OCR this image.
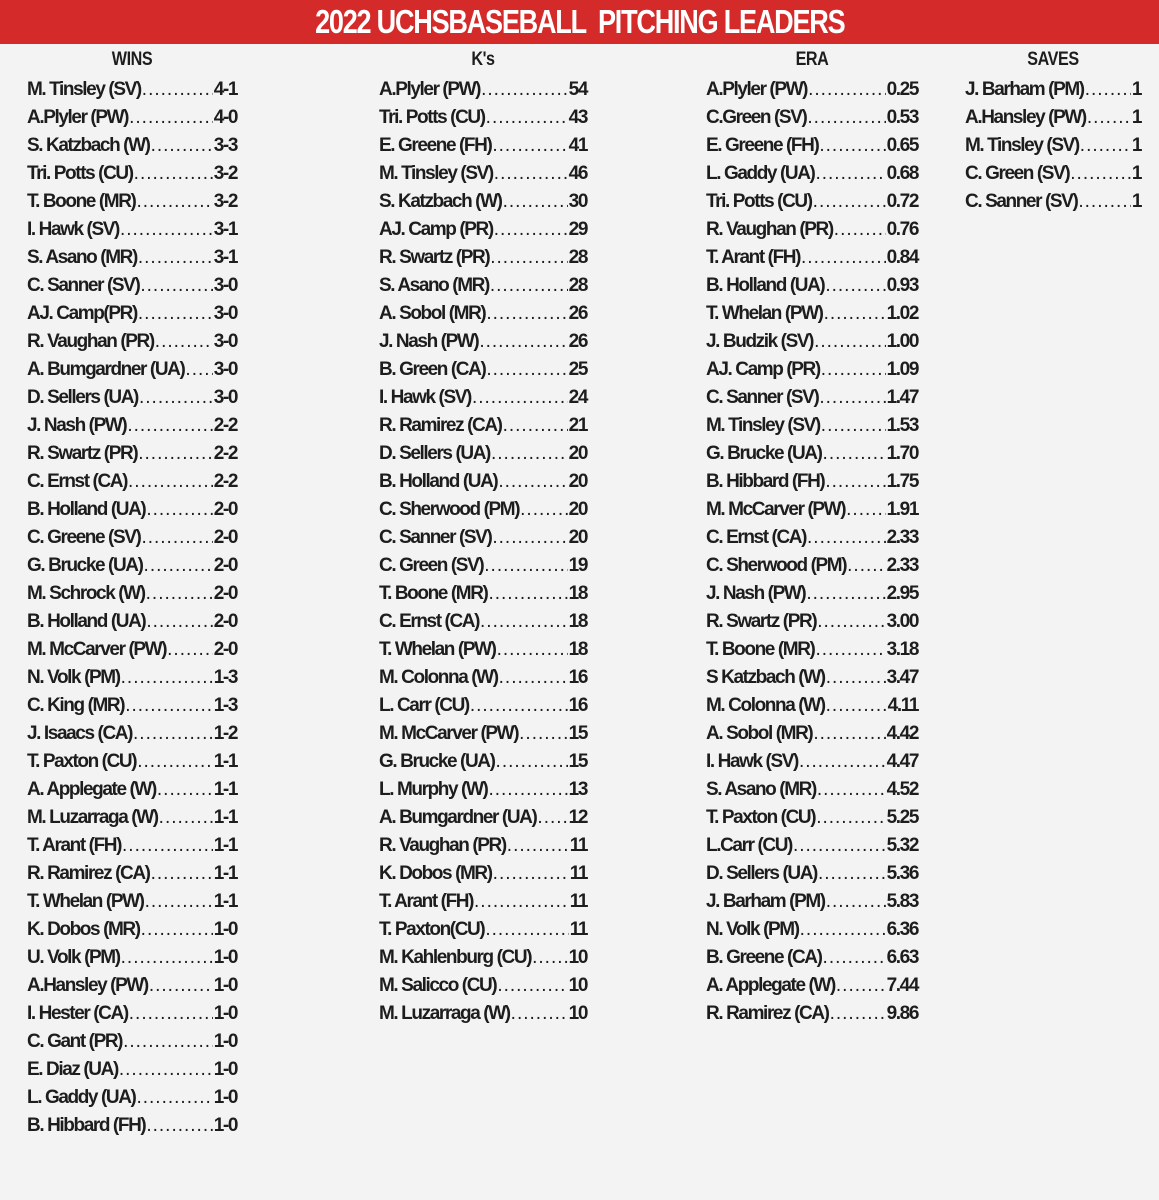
2022 UCHSBASEBALL  PITCHING LEADERS
WINS
M. Tinsley (SV) .....	4-1
A.Plyler (PW) .....	4-0
S. Katzbach (W) .....	3-3
Tri. Potts (CU) .....	3-2
T. Boone (MR) .....	3-2
I. Hawk (SV) .....	3-1
S. Asano (MR) .....	3-1
C. Sanner (SV) .....	3-0
AJ. Camp(PR) .....	3-0
R. Vaughan (PR) .....	3-0
A. Bumgardner (UA) ..... 3-0
D. Sellers (UA) .....	3-0
J. Nash (PW) .....	2-2
R. Swartz (PR) .....	2-2
C. Ernst (CA) .....	2-2
B. Holland (UA) .....	2-0
C. Greene (SV) .....	2-0
G. Brucke (UA) .....	2-0
M. Schrock (W) .....	2-0
B. Holland (UA) .....	2-0
M. McCarver (PW) .....	2-0
N. Volk (PM) .....	1-3
C. King (MR) .....	1-3
J. Isaacs (CA) .....	1-2
T. Paxton (CU) .....	1-1
A. Applegate (W) .....	1-1
M. Luzarraga (W) .....	1-1
T. Arant (FH) .....	1-1
R. Ramirez (CA) .....	1-1
T. Whelan (PW) .....	1-1
K. Dobos (MR) .....	1-0
U. Volk (PM) .....	1-0
A.Hansley (PW) .....	1-0
I. Hester (CA) .....	1-0
C. Gant (PR) .....	1-0
E. Diaz (UA) .....	1-0
L. Gaddy (UA) .....	1-0
B. Hibbard (FH) .....	1-0
K's
A.Plyler (PW) .....	54
Tri. Potts (CU) .....	43
E. Greene (FH) .....	41
M. Tinsley (SV) .....	46
S. Katzbach (W) .....	30
AJ. Camp (PR) .....	29
R. Swartz (PR) .....	28
S. Asano (MR) .....	28
A. Sobol (MR) .....	26
J. Nash (PW) .....	26
B. Green (CA) .....	25
I. Hawk (SV) .....	24
R. Ramirez (CA) .....	21
D. Sellers (UA) .....	20
B. Holland (UA) .....	20
C. Sherwood (PM) .....	20
C. Sanner (SV) .....	20
C. Green (SV) .....	19
T. Boone (MR) .....	18
C. Ernst (CA) .....	18
T. Whelan (PW) .....	18
M. Colonna (W) .....	16
L. Carr (CU) .....	16
M. McCarver (PW) .....	15
G. Brucke (UA) .....	15
L. Murphy (W) .....	13
A. Bumgardner (UA) ..... 12
R. Vaughan (PR) .....	11
K. Dobos (MR) .....	11
T. Arant (FH) .....	11
T. Paxton(CU) .....	11
M. Kahlenburg (CU) ..... 10
M. Salicco (CU) .....	10
M. Luzarraga (W) .....	10
ERA
A.Plyler (PW) .....	0.25
C.Green (SV) .....	0.53
E. Greene (FH) .....	0.65
L. Gaddy (UA) .....	0.68
Tri. Potts (CU) .....	0.72
R. Vaughan (PR) .....	0.76
T. Arant (FH) .....	0.84
B. Holland (UA) .....	0.93
T. Whelan (PW) .....	1.02
J. Budzik (SV) .....	1.00
AJ. Camp (PR) .....	1.09
C. Sanner (SV) .....	1.47
M. Tinsley (SV) .....	1.53
G. Brucke (UA) .....	1.70
B. Hibbard (FH) .....	1.75
M. McCarver (PW) ..... 1.91
C. Ernst (CA) .....	2.33
C. Sherwood (PM) ..... 2.33
J. Nash (PW) .....	2.95
R. Swartz (PR) .....	3.00
T. Boone (MR) .....	3.18
S Katzbach (W) .....	3.47
M. Colonna (W) .....	4.11
A. Sobol (MR) .....	4.42
I. Hawk (SV) .....	4.47
S. Asano (MR) .....	4.52
T. Paxton (CU) .....	5.25
L.Carr (CU) .....	5.32
D. Sellers (UA) .....	5.36
J. Barham (PM) .....	5.83
N. Volk (PM) .....	6.36
B. Greene (CA) .....	6.63
A. Applegate (W) .....	7.44
R. Ramirez (CA) .....	9.86
SAVES
J. Barham (PM) .....	1
A.Hansley (PW) ..... 1
M. Tinsley (SV) .....	1
C. Green (SV) .....	1
C. Sanner (SV) .....	1
